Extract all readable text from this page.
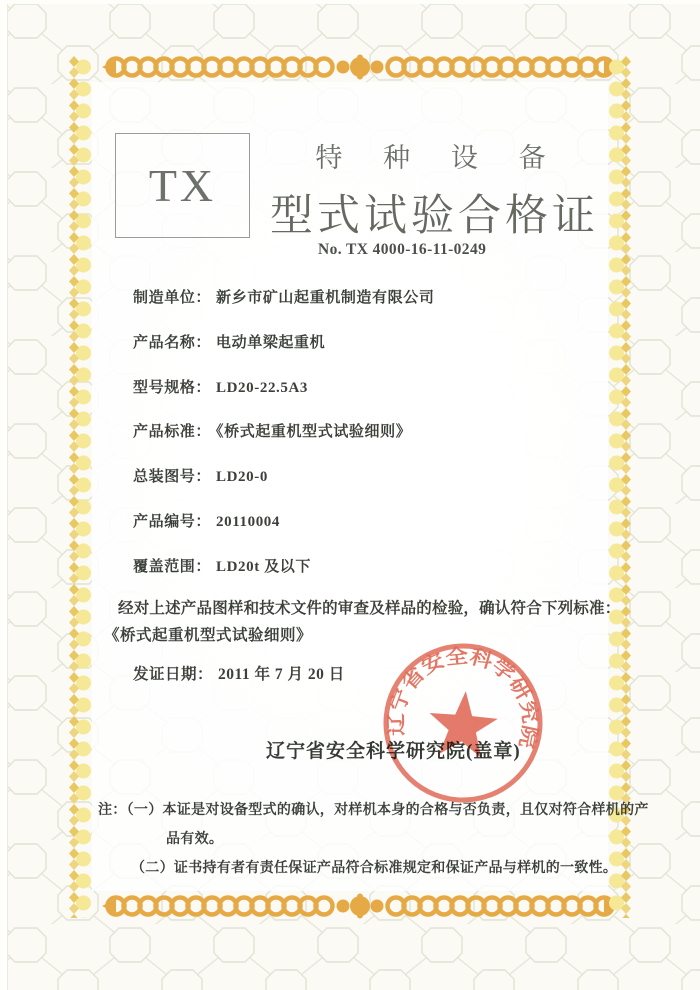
TX
特 种 设 备
型式试验合格证
No. TX 4000-16-11-0249
制造单位： 新乡市矿山起重机制造有限公司
产品名称： 电动单梁起重机
型号规格： LD20-22.5A3
产品标准： 《桥式起重机型式试验细则》
总装图号： LD20-0
产品编号： 20110004
覆盖范围： LD20t 及以下
经对上述产品图样和技术文件的审查及样品的检验，确认符合下列标准：
《桥式起重机型式试验细则》
发证日期： 2011 年 7 月 20 日
辽宁省安全科学研究院(盖章)
辽宁省安全科学研究院
注：（一）本证是对设备型式的确认，对样机本身的合格与否负责，且仅对符合样机的产
品有效。
（二）证书持有者有责任保证产品符合标准规定和保证产品与样机的一致性。
